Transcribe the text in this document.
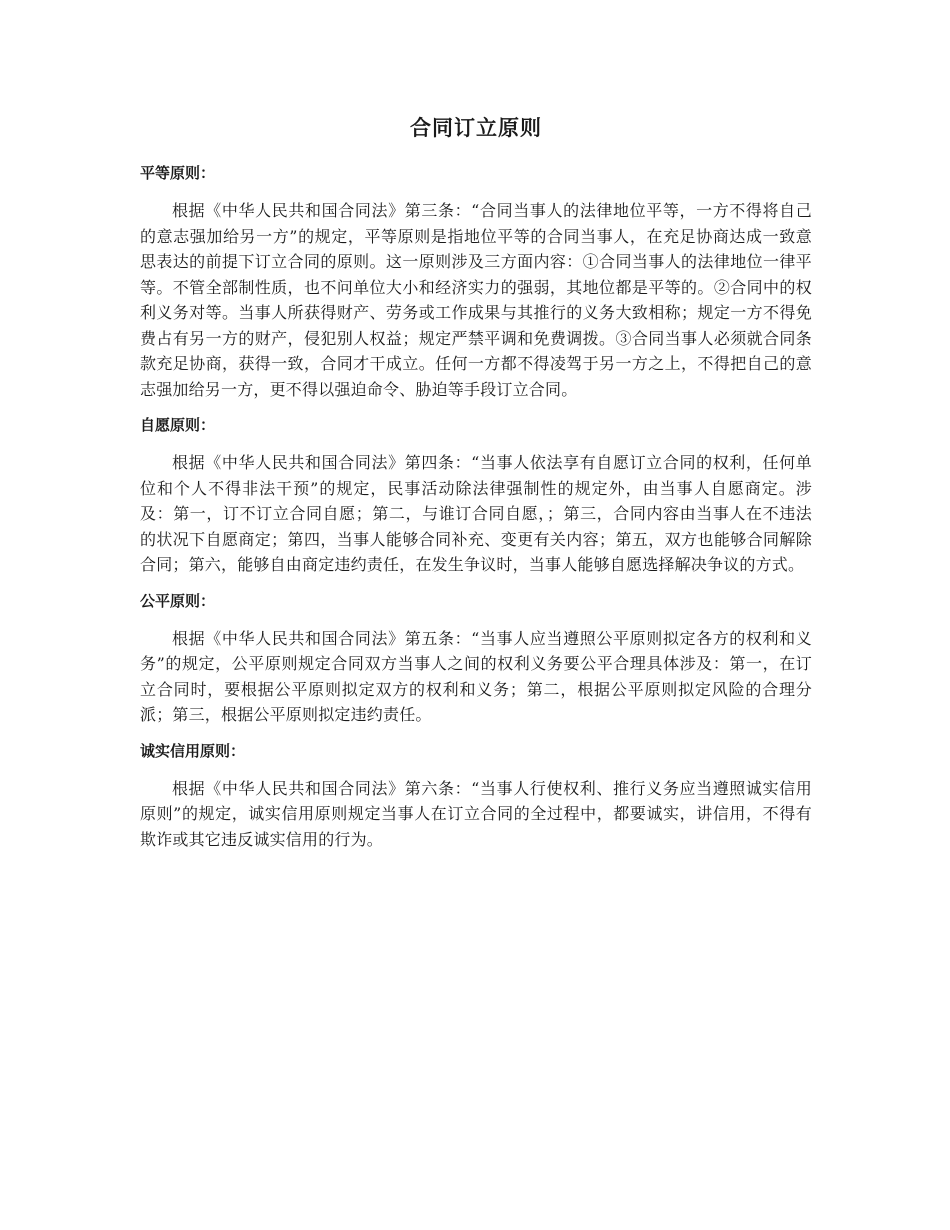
合同订立原则
平等原则：

根据《中华人民共和国合同法》第三条：“合同当事人的法律地位平等，一方不得将自己的意志强加给另一方”的规定，平等原则是指地位平等的合同当事人，在充足协商达成一致意思表达的前提下订立合同的原则。这一原则涉及三方面内容：①合同当事人的法律地位一律平等。不管全部制性质，也不问单位大小和经济实力的强弱，其地位都是平等的。②合同中的权利义务对等。当事人所获得财产、劳务或工作成果与其推行的义务大致相称；规定一方不得免费占有另一方的财产，侵犯别人权益；规定严禁平调和免费调拨。③合同当事人必须就合同条款充足协商，获得一致，合同才干成立。任何一方都不得凌驾于另一方之上，不得把自己的意志强加给另一方，更不得以强迫命令、胁迫等手段订立合同。

自愿原则：

根据《中华人民共和国合同法》第四条：“当事人依法享有自愿订立合同的权利，任何单位和个人不得非法干预”的规定，民事活动除法律强制性的规定外，由当事人自愿商定。涉及：第一，订不订立合同自愿；第二，与谁订合同自愿，；第三，合同内容由当事人在不违法的状况下自愿商定；第四，当事人能够合同补充、变更有关内容；第五，双方也能够合同解除合同；第六，能够自由商定违约责任，在发生争议时，当事人能够自愿选择解决争议的方式。

公平原则：

根据《中华人民共和国合同法》第五条：“当事人应当遵照公平原则拟定各方的权利和义务”的规定，公平原则规定合同双方当事人之间的权利义务要公平合理具体涉及：第一，在订立合同时，要根据公平原则拟定双方的权利和义务；第二，根据公平原则拟定风险的合理分派；第三，根据公平原则拟定违约责任。

诚实信用原则：

根据《中华人民共和国合同法》第六条：“当事人行使权利、推行义务应当遵照诚实信用原则”的规定，诚实信用原则规定当事人在订立合同的全过程中，都要诚实，讲信用，不得有欺诈或其它违反诚实信用的行为。
